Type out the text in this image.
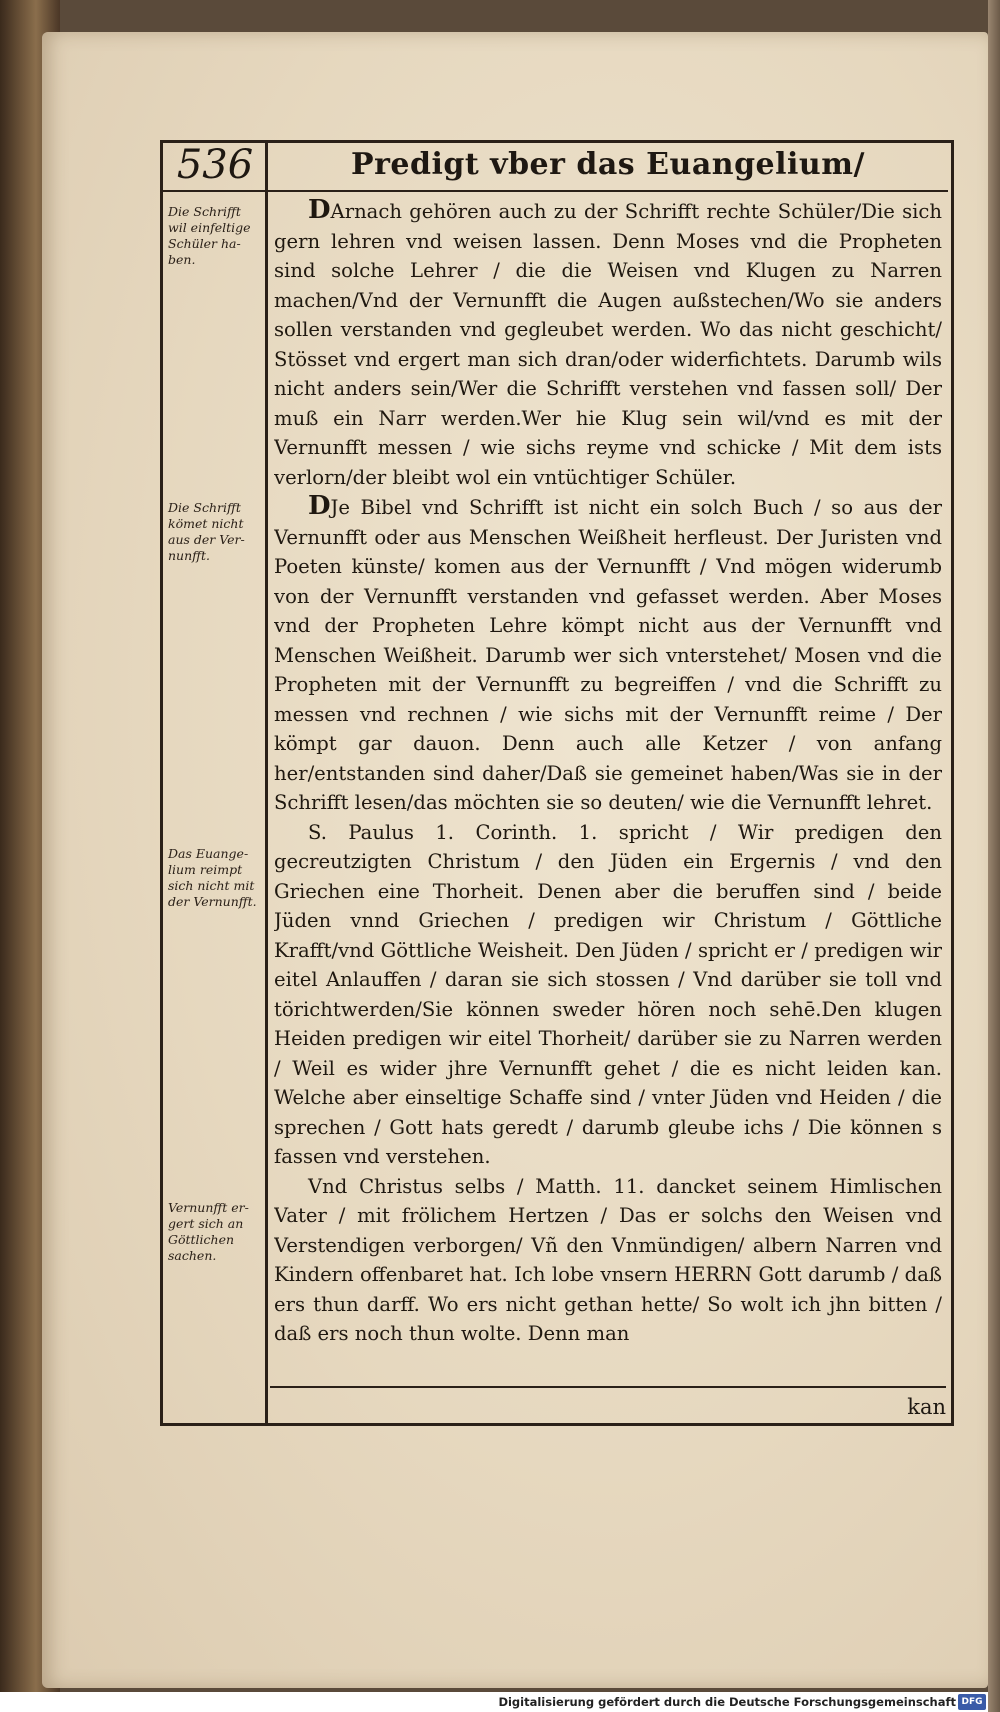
536	Predigt vber das Euangelium/
Die Schrifft wil einfeltige Schüler ha- ben.
Die Schrifft kömet nicht aus der Ver- nunfft.
Das Euange- lium reimpt sich nicht mit der Vernunfft.
Vernunfft er- gert sich an Göttlichen sachen.

DArnach gehören auch zu der Schrifft rechte Schüler/Die sich gern lehren vnd weisen lassen. Denn Moses vnd die Propheten sind solche Lehrer / die die Weisen vnd Klugen zu Narren machen/Vnd der Vernunfft die Augen außstechen/Wo sie anders sollen verstanden vnd gegleubet werden. Wo das nicht geschicht/ Stösset vnd ergert man sich dran/oder widerfichtets. Darumb wils nicht anders sein/Wer die Schrifft verstehen vnd fassen soll/ Der muß ein Narr werden.Wer hie Klug sein wil/vnd es mit der Vernunfft messen / wie sichs reyme vnd schicke / Mit dem ists verlorn/der bleibt wol ein vntüchtiger Schüler.

DJe Bibel vnd Schrifft ist nicht ein solch Buch / so aus der Vernunfft oder aus Menschen Weißheit herfleust. Der Juristen vnd Poeten künste/ komen aus der Vernunfft / Vnd mögen widerumb von der Vernunfft verstanden vnd gefasset werden. Aber Moses vnd der Propheten Lehre kömpt nicht aus der Vernunfft vnd Menschen Weißheit. Darumb wer sich vnterstehet/ Mosen vnd die Propheten mit der Vernunfft zu begreiffen / vnd die Schrifft zu messen vnd rechnen / wie sichs mit der Vernunfft reime / Der kömpt gar dauon. Denn auch alle Ketzer / von anfang her/entstanden sind daher/Daß sie gemeinet haben/Was sie in der Schrifft lesen/das möchten sie so deuten/ wie die Vernunfft lehret.

S. Paulus 1. Corinth. 1. spricht / Wir predigen den gecreutzigten Christum / den Jüden ein Ergernis / vnd den Griechen eine Thorheit. Denen aber die beruffen sind / beide Jüden vnnd Griechen / predigen wir Christum / Göttliche Krafft/vnd Göttliche Weisheit. Den Jüden / spricht er / predigen wir eitel Anlauffen / daran sie sich stossen / Vnd darüber sie toll vnd törichtwerden/Sie können sweder hören noch sehē.Den klugen Heiden predigen wir eitel Thorheit/ darüber sie zu Narren werden / Weil es wider jhre Vernunfft gehet / die es nicht leiden kan. Welche aber einseltige Schaffe sind / vnter Jüden vnd Heiden / die sprechen / Gott hats geredt / darumb gleube ichs / Die können s fassen vnd verstehen.

Vnd Christus selbs / Matth. 11. dancket seinem Himlischen Vater / mit frölichem Hertzen / Das er solchs den Weisen vnd Verstendigen verborgen/ Vñ den Vnmündigen/ albern Narren vnd Kindern offenbaret hat. Ich lobe vnsern HERRN Gott darumb / daß ers thun darff. Wo ers nicht gethan hette/ So wolt ich jhn bitten / daß ers noch thun wolte. Denn man

kan
Digitalisierung gefördert durch die Deutsche Forschungsgemeinschaft DFG
